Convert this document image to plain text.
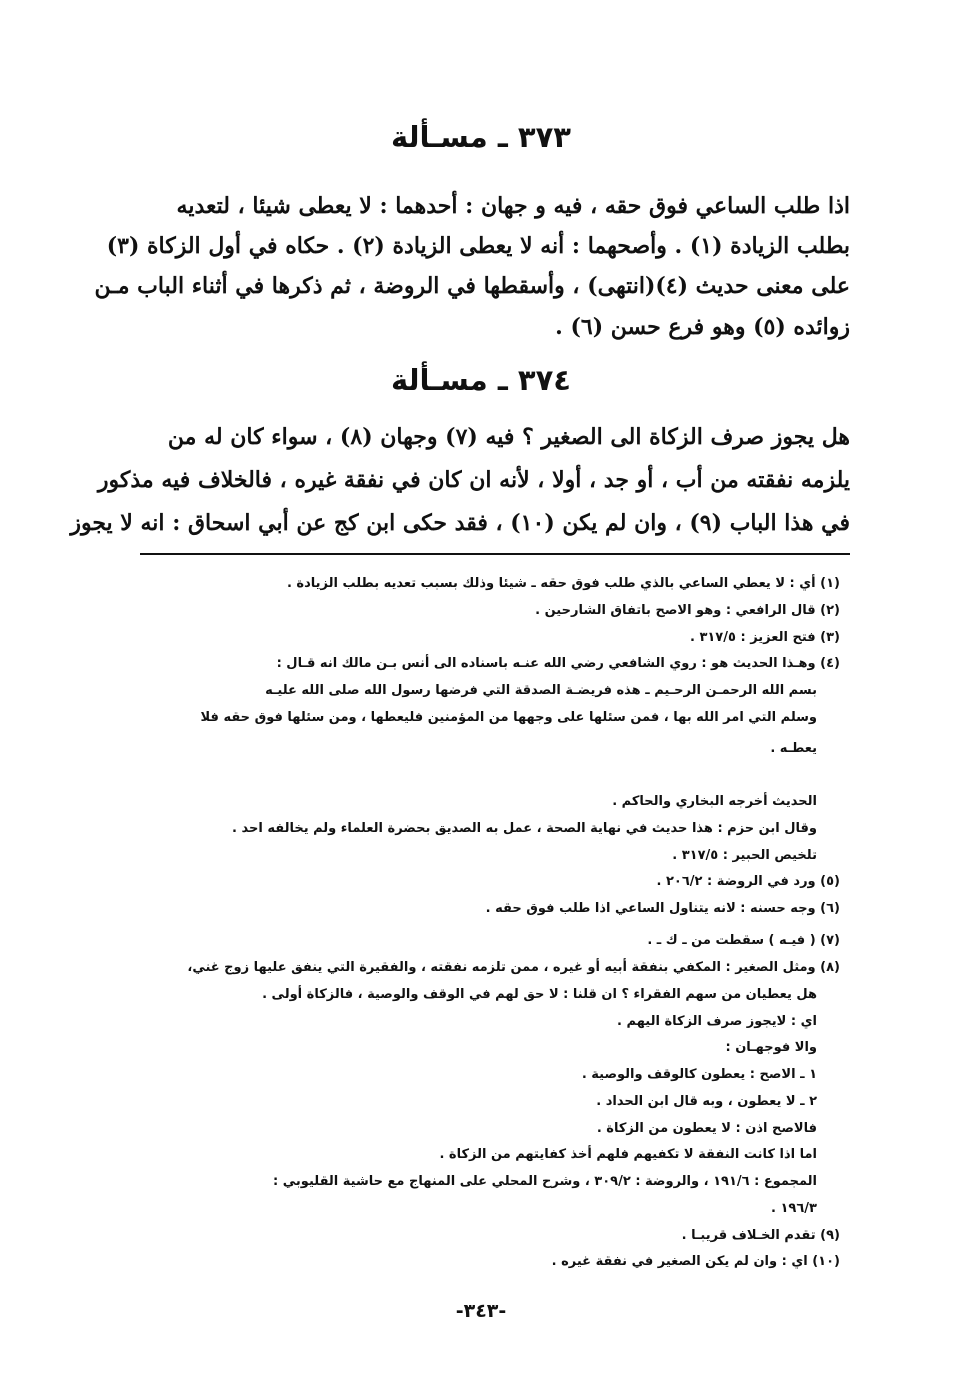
٣٧٣ ـ مسـألة
اذا طلب الساعي فوق حقه ، فيه و جهان : أحدهما : لا يعطى شيئا ، لتعديه
بطلب الزيادة (١) . وأصحهما : أنه لا يعطى الزيادة (٢) . حكاه في أول الزكاة (٣)
على معنى حديث (٤)(انتهى) ، وأسقطها في الروضة ، ثم ذكرها في أثناء الباب مـن
زوائده (٥) وهو فرع حسن (٦) .
٣٧٤ ـ مسـألة
هل يجوز صرف الزكاة الى الصغير ؟ فيه (٧) وجهان (٨) ، سواء كان له من
يلزمه نفقته من أب ، أو جد ، أولا ، لأنه ان كان في نفقة غيره ، فالخلاف فيه مذكور
في هذا الباب (٩) ، وان لم يكن (١٠) ، فقد حكى ابن كج عن أبي اسحاق : انه لا يجوز
(١) أي : لا يعطي الساعي بالذي طلب فوق حقه ـ شيئا وذلك بسبب تعديه بطلب الزيادة .
(٢) قال الرافعي : وهو الاصح باتفاق الشارحين .
(٣) فتح العزيز : ٣١٧/٥ .
(٤) وهـذا الحديث هو : روي الشافعي رضي الله عنـه باسناده الى أنس بـن مالك انه قـال :
بسم الله الرحمـن الرحـيم ـ هذه فريضـة الصدقة التي فرضها رسول الله صلى الله عليـه
وسلم التي امر الله بها ، فمن سئلها على وجهها من المؤمنين فليعطها ، ومن سئلها فوق حقه فلا
يعطـه .
الحديث أخرجه البخاري والحاكم .
وقال ابن حزم : هذا حديث في نهاية الصحة ، عمل به الصديق بحضرة العلماء ولم يخالفه احد .
تلخيص الحبير : ٣١٧/٥ .
(٥) ورد في الروضة : ٢٠٦/٢ .
(٦) وجه حسنه : لانه يتناول الساعي اذا طلب فوق حقه .
(٧) ( فيـه ) سقطت من ـ ك ـ .
(٨) ومثل الصغير : المكفي بنفقة أبيه أو غيره ، ممن تلزمه نفقته ، والفقيرة التي ينفق عليها زوج غني،
هل يعطيان من سهم الفقراء ؟ ان قلنا : لا حق لهم في الوقف والوصية ، فالزكاة أولى .
اي : لايجوز صرف الزكاة اليهم .
والا فوجهـان :
١ ـ الاصح : يعطون كالوقف والوصية .
٢ ـ لا يعطون ، وبه قال ابن الحداد .
فالاصح اذن : لا يعطون من الزكاة .
اما اذا كانت النفقة لا تكفيهم فلهم أخذ كفايتهم من الزكاة .
المجموع : ١٩١/٦ ، والروضة : ٣٠٩/٢ ، وشرح المحلي على المنهاج مع حاشية القليوبي :
١٩٦/٣ .
(٩) تقدم الخـلاف قريبـا .
(١٠) اي : وان لم يكن الصغير في نفقة غيره .
-٣٤٣-
